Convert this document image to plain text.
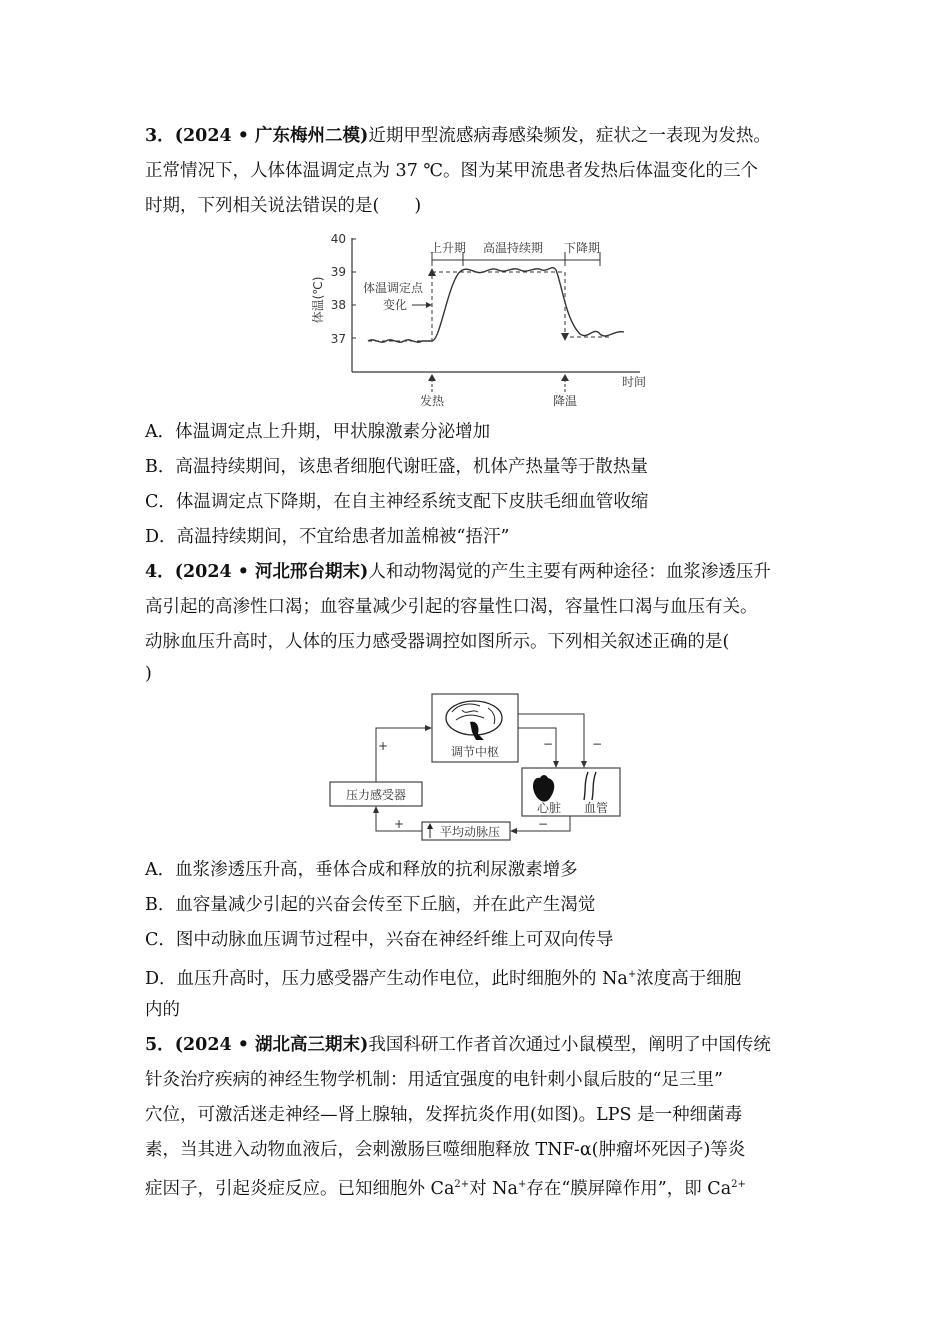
3．(2024 • 广东梅州二模)近期甲型流感病毒感染频发，症状之一表现为发热。
正常情况下，人体体温调定点为 37 ℃。图为某甲流患者发热后体温变化的三个
时期，下列相关说法错误的是(　　)
40
39
38
37
体温(℃)
时间
上升期 高温持续期 下降期
体温调定点
变化
发热	降温
A．体温调定点上升期，甲状腺激素分泌增加
B．高温持续期间，该患者细胞代谢旺盛，机体产热量等于散热量
C．体温调定点下降期，在自主神经系统支配下皮肤毛细血管收缩
D．高温持续期间，不宜给患者加盖棉被“捂汗”
4．(2024 • 河北邢台期末)人和动物渴觉的产生主要有两种途径：血浆渗透压升
高引起的高渗性口渴；血容量减少引起的容量性口渴，容量性口渴与血压有关。
动脉血压升高时，人体的压力感受器调控如图所示。下列相关叙述正确的是(
)
调节中枢
心脏 血管
压力感受器
平均动脉压
+	−	−
+	−
A．血浆渗透压升高，垂体合成和释放的抗利尿激素增多
B．血容量减少引起的兴奋会传至下丘脑，并在此产生渴觉
C．图中动脉血压调节过程中，兴奋在神经纤维上可双向传导
D．血压升高时，压力感受器产生动作电位，此时细胞外的 Na+浓度高于细胞
内的
5．(2024 • 湖北高三期末)我国科研工作者首次通过小鼠模型，阐明了中国传统
针灸治疗疾病的神经生物学机制：用适宜强度的电针刺小鼠后肢的“足三里”
穴位，可激活迷走神经—肾上腺轴，发挥抗炎作用(如图)。LPS 是一种细菌毒
素，当其进入动物血液后，会刺激肠巨噬细胞释放 TNF-α(肿瘤坏死因子)等炎
症因子，引起炎症反应。已知细胞外 $Ca^{2+}$对 Na+存在“膜屏障作用”，即 $Ca^{2+}$
